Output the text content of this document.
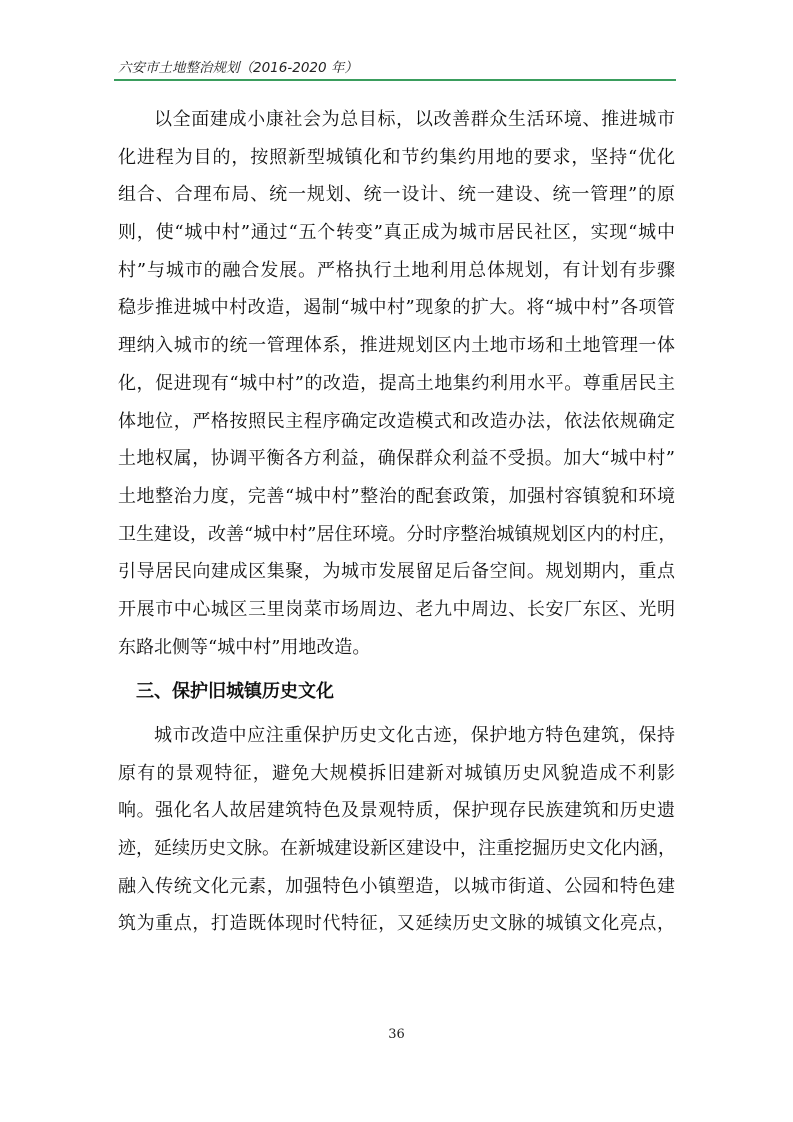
六安市土地整治规划（2016-2020 年）
以全面建成小康社会为总目标，以改善群众生活环境、推进城市
化进程为目的，按照新型城镇化和节约集约用地的要求，坚持“优化
组合、合理布局、统一规划、统一设计、统一建设、统一管理”的原
则，使“城中村”通过“五个转变”真正成为城市居民社区，实现“城中
村”与城市的融合发展。严格执行土地利用总体规划，有计划有步骤
稳步推进城中村改造，遏制“城中村”现象的扩大。将“城中村”各项管
理纳入城市的统一管理体系，推进规划区内土地市场和土地管理一体
化，促进现有“城中村”的改造，提高土地集约利用水平。尊重居民主
体地位，严格按照民主程序确定改造模式和改造办法，依法依规确定
土地权属，协调平衡各方利益，确保群众利益不受损。加大“城中村”
土地整治力度，完善“城中村”整治的配套政策，加强村容镇貌和环境
卫生建设，改善“城中村”居住环境。分时序整治城镇规划区内的村庄，
引导居民向建成区集聚，为城市发展留足后备空间。规划期内，重点
开展市中心城区三里岗菜市场周边、老九中周边、长安厂东区、光明
东路北侧等“城中村”用地改造。
三、保护旧城镇历史文化
城市改造中应注重保护历史文化古迹，保护地方特色建筑，保持
原有的景观特征，避免大规模拆旧建新对城镇历史风貌造成不利影
响。强化名人故居建筑特色及景观特质，保护现存民族建筑和历史遗
迹，延续历史文脉。在新城建设新区建设中，注重挖掘历史文化内涵，
融入传统文化元素，加强特色小镇塑造，以城市街道、公园和特色建
筑为重点，打造既体现时代特征，又延续历史文脉的城镇文化亮点，
36
